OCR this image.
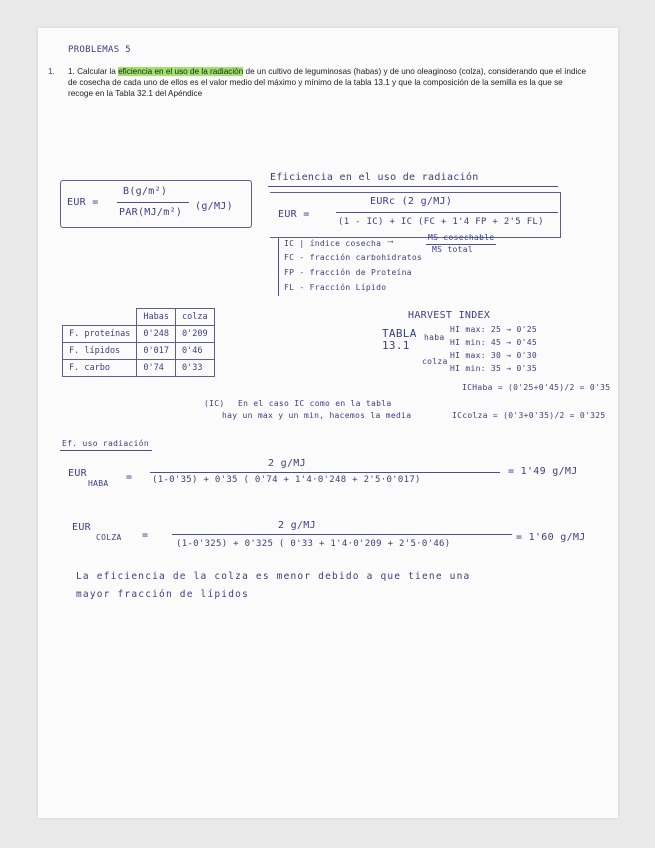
PROBLEMAS 5
1. 1. Calcular la eficiencia en el uso de la radiación de un cultivo de leguminosas (habas) y de uno oleaginoso (colza), considerando que el índice de cosecha de cada uno de ellos es el valor medio del máximo y mínimo de la tabla 13.1 y que la composición de la semilla es la que se recoge en la Tabla 32.1 del Apéndice
EUR =
B(g/m²)
PAR(MJ/m²)
(g/MJ)
Eficiencia en el uso de radiación
EUR =
EURc (2 g/MJ)
(1 - IC) + IC (FC + 1'4 FP + 2'5 FL)
IC | índice cosecha ⟶	MS cosechable
MS total
FC - fracción carbohidratos
FP - fracción de Proteína
FL - Fracción Lípido
	Habas	colza
F. proteínas	0'248	0'209
F. lípidos	0'017	0'46
F. carbo	0'74	0'33
HARVEST INDEX
TABLA 13.1
haba
HI max: 25 → 0'25
HI min: 45 → 0'45
colza
HI max: 30 → 0'30
HI min: 35 → 0'35
ICHaba = (0'25+0'45)/2 = 0'35
ICcolza = (0'3+0'35)/2 = 0'325
(IC) En el caso IC como en la tabla
hay un max y un min, hacemos la media
Ef. uso radiación
EUR
HABA
=
2 g/MJ
(1-0'35) + 0'35 ( 0'74 + 1'4·0'248 + 2'5·0'017)
= 1'49 g/MJ
EUR
COLZA =
2 g/MJ
(1-0'325) + 0'325 ( 0'33 + 1'4·0'209 + 2'5·0'46)
= 1'60 g/MJ
La eficiencia de la colza es menor debido a que tiene una
mayor fracción de lípidos
